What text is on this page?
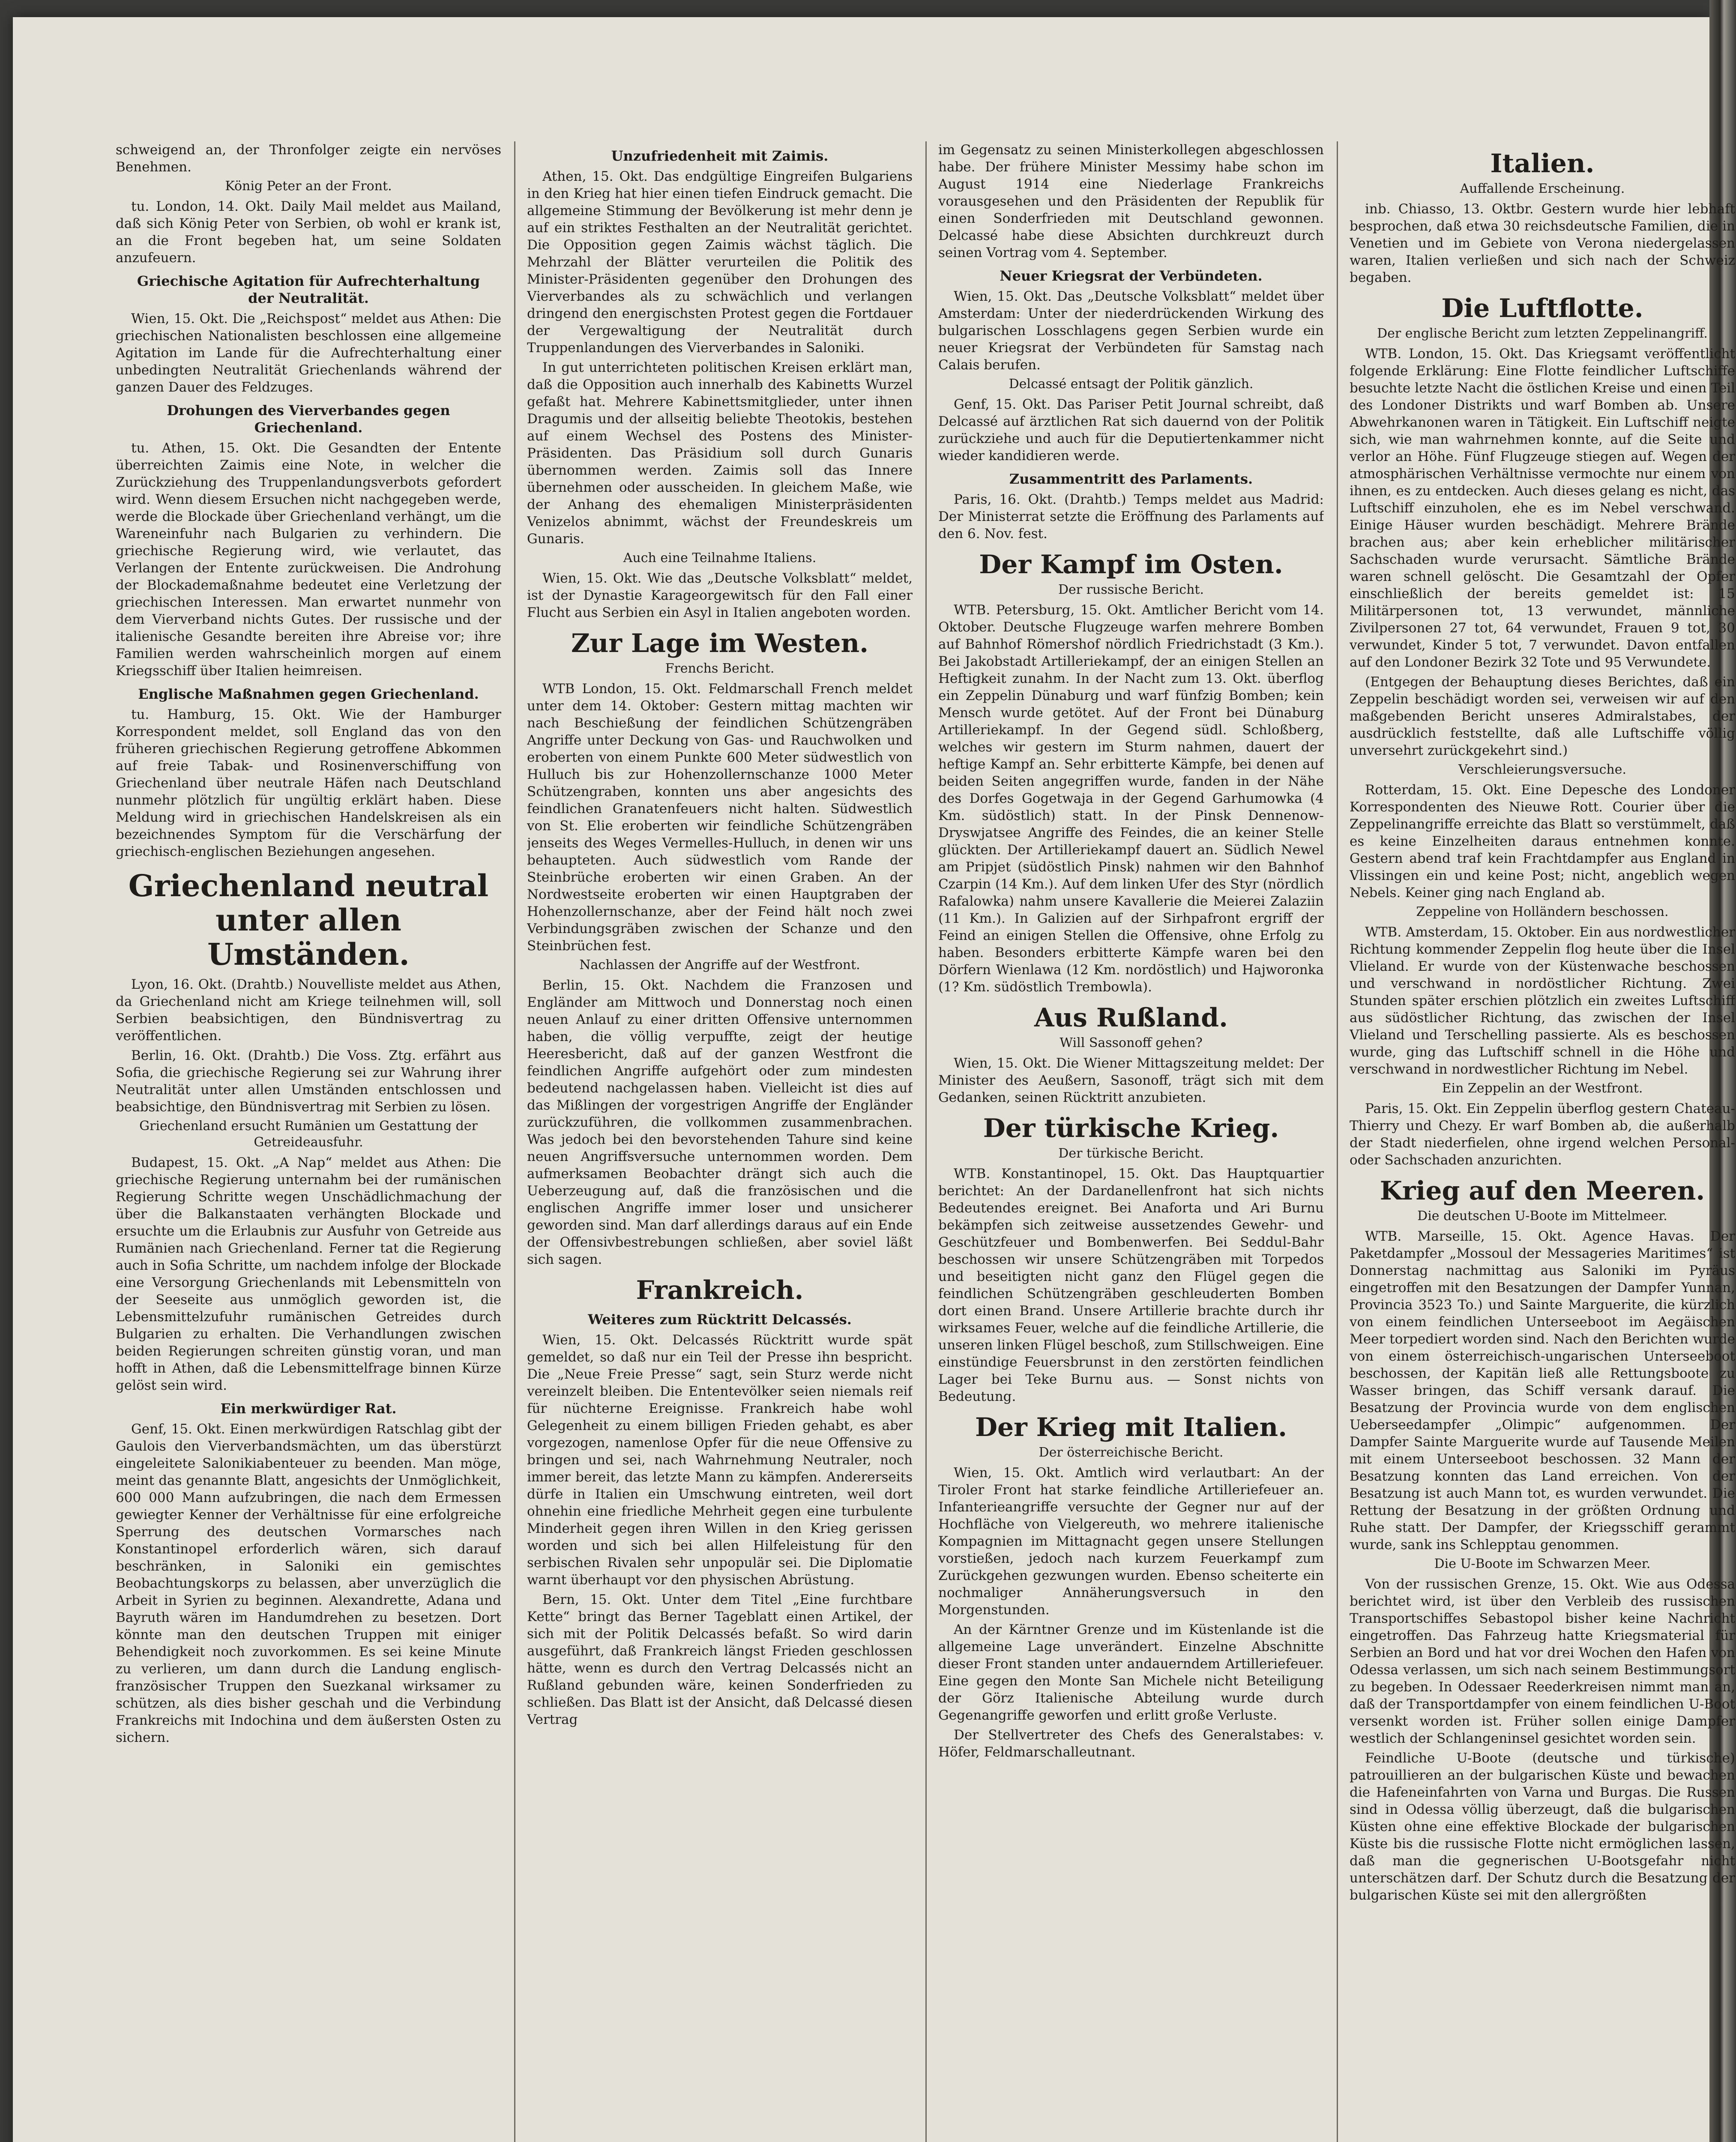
schweigend an, der Thronfolger zeigte ein nervöses Benehmen.

König Peter an der Front.

tu. London, 14. Okt. Daily Mail meldet aus Mailand, daß sich König Peter von Serbien, ob wohl er krank ist, an die Front begeben hat, um seine Soldaten anzufeuern.

Griechische Agitation für Aufrechterhaltung der Neutralität.

Wien, 15. Okt. Die „Reichspost“ meldet aus Athen: Die griechischen Nationalisten beschlossen eine allgemeine Agitation im Lande für die Aufrechterhaltung einer unbedingten Neutralität Griechenlands während der ganzen Dauer des Feldzuges.

Drohungen des Vierverbandes gegen Griechenland.

tu. Athen, 15. Okt. Die Gesandten der Entente überreichten Zaimis eine Note, in welcher die Zurückziehung des Truppenlandungsverbots gefordert wird. Wenn diesem Ersuchen nicht nachgegeben werde, werde die Blockade über Griechenland verhängt, um die Wareneinfuhr nach Bulgarien zu verhindern. Die griechische Regierung wird, wie verlautet, das Verlangen der Entente zurückweisen. Die Androhung der Blockademaßnahme bedeutet eine Verletzung der griechischen Interessen. Man erwartet nunmehr von dem Vierverband nichts Gutes. Der russische und der italienische Gesandte bereiten ihre Abreise vor; ihre Familien werden wahrscheinlich morgen auf einem Kriegsschiff über Italien heimreisen.

Englische Maßnahmen gegen Griechenland.

tu. Hamburg, 15. Okt. Wie der Hamburger Korrespondent meldet, soll England das von den früheren griechischen Regierung getroffene Abkommen auf freie Tabak- und Rosinenverschiffung von Griechenland über neutrale Häfen nach Deutschland nunmehr plötzlich für ungültig erklärt haben. Diese Meldung wird in griechischen Handelskreisen als ein bezeichnendes Symptom für die Verschärfung der griechisch-englischen Beziehungen angesehen.

Griechenland neutral unter allen Umständen.

Lyon, 16. Okt. (Drahtb.) Nouvelliste meldet aus Athen, da Griechenland nicht am Kriege teilnehmen will, soll Serbien beabsichtigen, den Bündnisvertrag zu veröffentlichen.

Berlin, 16. Okt. (Drahtb.) Die Voss. Ztg. erfährt aus Sofia, die griechische Regierung sei zur Wahrung ihrer Neutralität unter allen Umständen entschlossen und beabsichtige, den Bündnisvertrag mit Serbien zu lösen.

Griechenland ersucht Rumänien um Gestattung der Getreideausfuhr.

Budapest, 15. Okt. „A Nap“ meldet aus Athen: Die griechische Regierung unternahm bei der rumänischen Regierung Schritte wegen Unschädlichmachung der über die Balkanstaaten verhängten Blockade und ersuchte um die Erlaubnis zur Ausfuhr von Getreide aus Rumänien nach Griechenland. Ferner tat die Regierung auch in Sofia Schritte, um nachdem infolge der Blockade eine Versorgung Griechenlands mit Lebensmitteln von der Seeseite aus unmöglich geworden ist, die Lebensmittelzufuhr rumänischen Getreides durch Bulgarien zu erhalten. Die Verhandlungen zwischen beiden Regierungen schreiten günstig voran, und man hofft in Athen, daß die Lebensmittelfrage binnen Kürze gelöst sein wird.

Ein merkwürdiger Rat.

Genf, 15. Okt. Einen merkwürdigen Ratschlag gibt der Gaulois den Vierverbandsmächten, um das überstürzt eingeleitete Salonikiabenteuer zu beenden. Man möge, meint das genannte Blatt, angesichts der Unmöglichkeit, 600 000 Mann aufzubringen, die nach dem Ermessen gewiegter Kenner der Verhältnisse für eine erfolgreiche Sperrung des deutschen Vormarsches nach Konstantinopel erforderlich wären, sich darauf beschränken, in Saloniki ein gemischtes Beobachtungskorps zu belassen, aber unverzüglich die Arbeit in Syrien zu beginnen. Alexandrette, Adana und Bayruth wären im Handumdrehen zu besetzen. Dort könnte man den deutschen Truppen mit einiger Behendigkeit noch zuvorkommen. Es sei keine Minute zu verlieren, um dann durch die Landung englisch-französischer Truppen den Suezkanal wirksamer zu schützen, als dies bisher geschah und die Verbindung Frankreichs mit Indochina und dem äußersten Osten zu sichern.

Unzufriedenheit mit Zaimis.

Athen, 15. Okt. Das endgültige Eingreifen Bulgariens in den Krieg hat hier einen tiefen Eindruck gemacht. Die allgemeine Stimmung der Bevölkerung ist mehr denn je auf ein striktes Festhalten an der Neutralität gerichtet. Die Opposition gegen Zaimis wächst täglich. Die Mehrzahl der Blätter verurteilen die Politik des Minister-Präsidenten gegenüber den Drohungen des Vierverbandes als zu schwächlich und verlangen dringend den energischsten Protest gegen die Fortdauer der Vergewaltigung der Neutralität durch Truppenlandungen des Vierverbandes in Saloniki.

In gut unterrichteten politischen Kreisen erklärt man, daß die Opposition auch innerhalb des Kabinetts Wurzel gefaßt hat. Mehrere Kabinettsmitglieder, unter ihnen Dragumis und der allseitig beliebte Theotokis, bestehen auf einem Wechsel des Postens des Minister-Präsidenten. Das Präsidium soll durch Gunaris übernommen werden. Zaimis soll das Innere übernehmen oder ausscheiden. In gleichem Maße, wie der Anhang des ehemaligen Ministerpräsidenten Venizelos abnimmt, wächst der Freundeskreis um Gunaris.

Auch eine Teilnahme Italiens.

Wien, 15. Okt. Wie das „Deutsche Volksblatt“ meldet, ist der Dynastie Karageorgewitsch für den Fall einer Flucht aus Serbien ein Asyl in Italien angeboten worden.

Zur Lage im Westen.
Frenchs Bericht.

WTB London, 15. Okt. Feldmarschall French meldet unter dem 14. Oktober: Gestern mittag machten wir nach Beschießung der feindlichen Schützengräben Angriffe unter Deckung von Gas- und Rauchwolken und eroberten von einem Punkte 600 Meter südwestlich von Hulluch bis zur Hohenzollernschanze 1000 Meter Schützengraben, konnten uns aber angesichts des feindlichen Granatenfeuers nicht halten. Südwestlich von St. Elie eroberten wir feindliche Schützengräben jenseits des Weges Vermelles-Hulluch, in denen wir uns behaupteten. Auch südwestlich vom Rande der Steinbrüche eroberten wir einen Graben. An der Nordwestseite eroberten wir einen Hauptgraben der Hohenzollernschanze, aber der Feind hält noch zwei Verbindungsgräben zwischen der Schanze und den Steinbrüchen fest.

Nachlassen der Angriffe auf der Westfront.

Berlin, 15. Okt. Nachdem die Franzosen und Engländer am Mittwoch und Donnerstag noch einen neuen Anlauf zu einer dritten Offensive unternommen haben, die völlig verpuffte, zeigt der heutige Heeresbericht, daß auf der ganzen Westfront die feindlichen Angriffe aufgehört oder zum mindesten bedeutend nachgelassen haben. Vielleicht ist dies auf das Mißlingen der vorgestrigen Angriffe der Engländer zurückzuführen, die vollkommen zusammenbrachen. Was jedoch bei den bevorstehenden Tahure sind keine neuen Angriffsversuche unternommen worden. Dem aufmerksamen Beobachter drängt sich auch die Ueberzeugung auf, daß die französischen und die englischen Angriffe immer loser und unsicherer geworden sind. Man darf allerdings daraus auf ein Ende der Offensivbestrebungen schließen, aber soviel läßt sich sagen.

Frankreich.
Weiteres zum Rücktritt Delcassés.

Wien, 15. Okt. Delcassés Rücktritt wurde spät gemeldet, so daß nur ein Teil der Presse ihn bespricht. Die „Neue Freie Presse“ sagt, sein Sturz werde nicht vereinzelt bleiben. Die Ententevölker seien niemals reif für nüchterne Ereignisse. Frankreich habe wohl Gelegenheit zu einem billigen Frieden gehabt, es aber vorgezogen, namenlose Opfer für die neue Offensive zu bringen und sei, nach Wahrnehmung Neutraler, noch immer bereit, das letzte Mann zu kämpfen. Andererseits dürfe in Italien ein Umschwung eintreten, weil dort ohnehin eine friedliche Mehrheit gegen eine turbulente Minderheit gegen ihren Willen in den Krieg gerissen worden und sich bei allen Hilfeleistung für den serbischen Rivalen sehr unpopulär sei. Die Diplomatie warnt überhaupt vor den physischen Abrüstung.

Bern, 15. Okt. Unter dem Titel „Eine furchtbare Kette“ bringt das Berner Tageblatt einen Artikel, der sich mit der Politik Delcassés befaßt. So wird darin ausgeführt, daß Frankreich längst Frieden geschlossen hätte, wenn es durch den Vertrag Delcassés nicht an Rußland gebunden wäre, keinen Sonderfrieden zu schließen. Das Blatt ist der Ansicht, daß Delcassé diesen Vertrag

im Gegensatz zu seinen Ministerkollegen abgeschlossen habe. Der frühere Minister Messimy habe schon im August 1914 eine Niederlage Frankreichs vorausgesehen und den Präsidenten der Republik für einen Sonderfrieden mit Deutschland gewonnen. Delcassé habe diese Absichten durchkreuzt durch seinen Vortrag vom 4. September.

Neuer Kriegsrat der Verbündeten.

Wien, 15. Okt. Das „Deutsche Volksblatt“ meldet über Amsterdam: Unter der niederdrückenden Wirkung des bulgarischen Losschlagens gegen Serbien wurde ein neuer Kriegsrat der Verbündeten für Samstag nach Calais berufen.

Delcassé entsagt der Politik gänzlich.

Genf, 15. Okt. Das Pariser Petit Journal schreibt, daß Delcassé auf ärztlichen Rat sich dauernd von der Politik zurückziehe und auch für die Deputiertenkammer nicht wieder kandidieren werde.

Zusammentritt des Parlaments.

Paris, 16. Okt. (Drahtb.) Temps meldet aus Madrid: Der Ministerrat setzte die Eröffnung des Parlaments auf den 6. Nov. fest.

Der Kampf im Osten.
Der russische Bericht.

WTB. Petersburg, 15. Okt. Amtlicher Bericht vom 14. Oktober. Deutsche Flugzeuge warfen mehrere Bomben auf Bahnhof Römershof nördlich Friedrichstadt (3 Km.). Bei Jakobstadt Artilleriekampf, der an einigen Stellen an Heftigkeit zunahm. In der Nacht zum 13. Okt. überflog ein Zeppelin Dünaburg und warf fünfzig Bomben; kein Mensch wurde getötet. Auf der Front bei Dünaburg Artilleriekampf. In der Gegend südl. Schloßberg, welches wir gestern im Sturm nahmen, dauert der heftige Kampf an. Sehr erbitterte Kämpfe, bei denen auf beiden Seiten angegriffen wurde, fanden in der Nähe des Dorfes Gogetwaja in der Gegend Garhumowka (4 Km. südöstlich) statt. In der Pinsk Dennenow-Dryswjatsee Angriffe des Feindes, die an keiner Stelle glückten. Der Artilleriekampf dauert an. Südlich Newel am Pripjet (südöstlich Pinsk) nahmen wir den Bahnhof Czarpin (14 Km.). Auf dem linken Ufer des Styr (nördlich Rafalowka) nahm unsere Kavallerie die Meierei Zalaziin (11 Km.). In Galizien auf der Sirhpafront ergriff der Feind an einigen Stellen die Offensive, ohne Erfolg zu haben. Besonders erbitterte Kämpfe waren bei den Dörfern Wienlawa (12 Km. nordöstlich) und Hajworonka (1? Km. südöstlich Trembowla).

Aus Rußland.
Will Sassonoff gehen?

Wien, 15. Okt. Die Wiener Mittagszeitung meldet: Der Minister des Aeußern, Sasonoff, trägt sich mit dem Gedanken, seinen Rücktritt anzubieten.

Der türkische Krieg.
Der türkische Bericht.

WTB. Konstantinopel, 15. Okt. Das Hauptquartier berichtet: An der Dardanellenfront hat sich nichts Bedeutendes ereignet. Bei Anaforta und Ari Burnu bekämpfen sich zeitweise aussetzendes Gewehr- und Geschützfeuer und Bombenwerfen. Bei Seddul-Bahr beschossen wir unsere Schützengräben mit Torpedos und beseitigten nicht ganz den Flügel gegen die feindlichen Schützengräben geschleuderten Bomben dort einen Brand. Unsere Artillerie brachte durch ihr wirksames Feuer, welche auf die feindliche Artillerie, die unseren linken Flügel beschoß, zum Stillschweigen. Eine einstündige Feuersbrunst in den zerstörten feindlichen Lager bei Teke Burnu aus. — Sonst nichts von Bedeutung.

Der Krieg mit Italien.
Der österreichische Bericht.

Wien, 15. Okt. Amtlich wird verlautbart: An der Tiroler Front hat starke feindliche Artilleriefeuer an. Infanterieangriffe versuchte der Gegner nur auf der Hochfläche von Vielgereuth, wo mehrere italienische Kompagnien im Mittagnacht gegen unsere Stellungen vorstießen, jedoch nach kurzem Feuerkampf zum Zurückgehen gezwungen wurden. Ebenso scheiterte ein nochmaliger Annäherungsversuch in den Morgenstunden.

An der Kärntner Grenze und im Küstenlande ist die allgemeine Lage unverändert. Einzelne Abschnitte dieser Front standen unter andauerndem Artilleriefeuer. Eine gegen den Monte San Michele nicht Beteiligung der Görz Italienische Abteilung wurde durch Gegenangriffe geworfen und erlitt große Verluste.

Der Stellvertreter des Chefs des Generalstabes: v. Höfer, Feldmarschalleutnant.

Italien.
Auffallende Erscheinung.

inb. Chiasso, 13. Oktbr. Gestern wurde hier lebhaft besprochen, daß etwa 30 reichsdeutsche Familien, die in Venetien und im Gebiete von Verona niedergelassen waren, Italien verließen und sich nach der Schweiz begaben.

Die Luftflotte.
Der englische Bericht zum letzten Zeppelinangriff.

WTB. London, 15. Okt. Das Kriegsamt veröffentlicht folgende Erklärung: Eine Flotte feindlicher Luftschiffe besuchte letzte Nacht die östlichen Kreise und einen Teil des Londoner Distrikts und warf Bomben ab. Unsere Abwehrkanonen waren in Tätigkeit. Ein Luftschiff neigte sich, wie man wahrnehmen konnte, auf die Seite und verlor an Höhe. Fünf Flugzeuge stiegen auf. Wegen der atmosphärischen Verhältnisse vermochte nur einem von ihnen, es zu entdecken. Auch dieses gelang es nicht, das Luftschiff einzuholen, ehe es im Nebel verschwand. Einige Häuser wurden beschädigt. Mehrere Brände brachen aus; aber kein erheblicher militärischer Sachschaden wurde verursacht. Sämtliche Brände waren schnell gelöscht. Die Gesamtzahl der Opfer einschließlich der bereits gemeldet ist: 15 Militärpersonen tot, 13 verwundet, männliche Zivilpersonen 27 tot, 64 verwundet, Frauen 9 tot, 30 verwundet, Kinder 5 tot, 7 verwundet. Davon entfallen auf den Londoner Bezirk 32 Tote und 95 Verwundete.

(Entgegen der Behauptung dieses Berichtes, daß ein Zeppelin beschädigt worden sei, verweisen wir auf den maßgebenden Bericht unseres Admiralstabes, der ausdrücklich feststellte, daß alle Luftschiffe völlig unversehrt zurückgekehrt sind.)

Verschleierungsversuche.

Rotterdam, 15. Okt. Eine Depesche des Londoner Korrespondenten des Nieuwe Rott. Courier über die Zeppelinangriffe erreichte das Blatt so verstümmelt, daß es keine Einzelheiten daraus entnehmen konnte. Gestern abend traf kein Frachtdampfer aus England in Vlissingen ein und keine Post; nicht, angeblich wegen Nebels. Keiner ging nach England ab.

Zeppeline von Holländern beschossen.

WTB. Amsterdam, 15. Oktober. Ein aus nordwestlicher Richtung kommender Zeppelin flog heute über die Insel Vlieland. Er wurde von der Küstenwache beschossen und verschwand in nordöstlicher Richtung. Zwei Stunden später erschien plötzlich ein zweites Luftschiff aus südöstlicher Richtung, das zwischen der Insel Vlieland und Terschelling passierte. Als es beschossen wurde, ging das Luftschiff schnell in die Höhe und verschwand in nordwestlicher Richtung im Nebel.

Ein Zeppelin an der Westfront.

Paris, 15. Okt. Ein Zeppelin überflog gestern Chateau-Thierry und Chezy. Er warf Bomben ab, die außerhalb der Stadt niederfielen, ohne irgend welchen Personal- oder Sachschaden anzurichten.

Krieg auf den Meeren.
Die deutschen U-Boote im Mittelmeer.

WTB. Marseille, 15. Okt. Agence Havas. Der Paketdampfer „Mossoul der Messageries Maritimes“ ist Donnerstag nachmittag aus Saloniki im Pyräus eingetroffen mit den Besatzungen der Dampfer Yunnan, Provincia 3523 To.) und Sainte Marguerite, die kürzlich von einem feindlichen Unterseeboot im Aegäischen Meer torpediert worden sind. Nach den Berichten wurde von einem österreichisch-ungarischen Unterseeboot beschossen, der Kapitän ließ alle Rettungsboote zu Wasser bringen, das Schiff versank darauf. Die Besatzung der Provincia wurde von dem englischen Ueberseedampfer „Olimpic“ aufgenommen. Der Dampfer Sainte Marguerite wurde auf Tausende Meilen mit einem Unterseeboot beschossen. 32 Mann der Besatzung konnten das Land erreichen. Von der Besatzung ist auch Mann tot, es wurden verwundet. Die Rettung der Besatzung in der größten Ordnung und Ruhe statt. Der Dampfer, der Kriegsschiff gerammt wurde, sank ins Schlepptau genommen.

Die U-Boote im Schwarzen Meer.

Von der russischen Grenze, 15. Okt. Wie aus Odessa berichtet wird, ist über den Verbleib des russischen Transportschiffes Sebastopol bisher keine Nachricht eingetroffen. Das Fahrzeug hatte Kriegsmaterial für Serbien an Bord und hat vor drei Wochen den Hafen von Odessa verlassen, um sich nach seinem Bestimmungsort zu begeben. In Odessaer Reederkreisen nimmt man an, daß der Transportdampfer von einem feindlichen U-Boot versenkt worden ist. Früher sollen einige Dampfer westlich der Schlangeninsel gesichtet worden sein.

Feindliche U-Boote (deutsche und türkische) patrouillieren an der bulgarischen Küste und bewachen die Hafeneinfahrten von Varna und Burgas. Die Russen sind in Odessa völlig überzeugt, daß die bulgarischen Küsten ohne eine effektive Blockade der bulgarischen Küste bis die russische Flotte nicht ermöglichen lassen, daß man die gegnerischen U-Bootsgefahr nicht unterschätzen darf. Der Schutz durch die Besatzung der bulgarischen Küste sei mit den allergrößten
